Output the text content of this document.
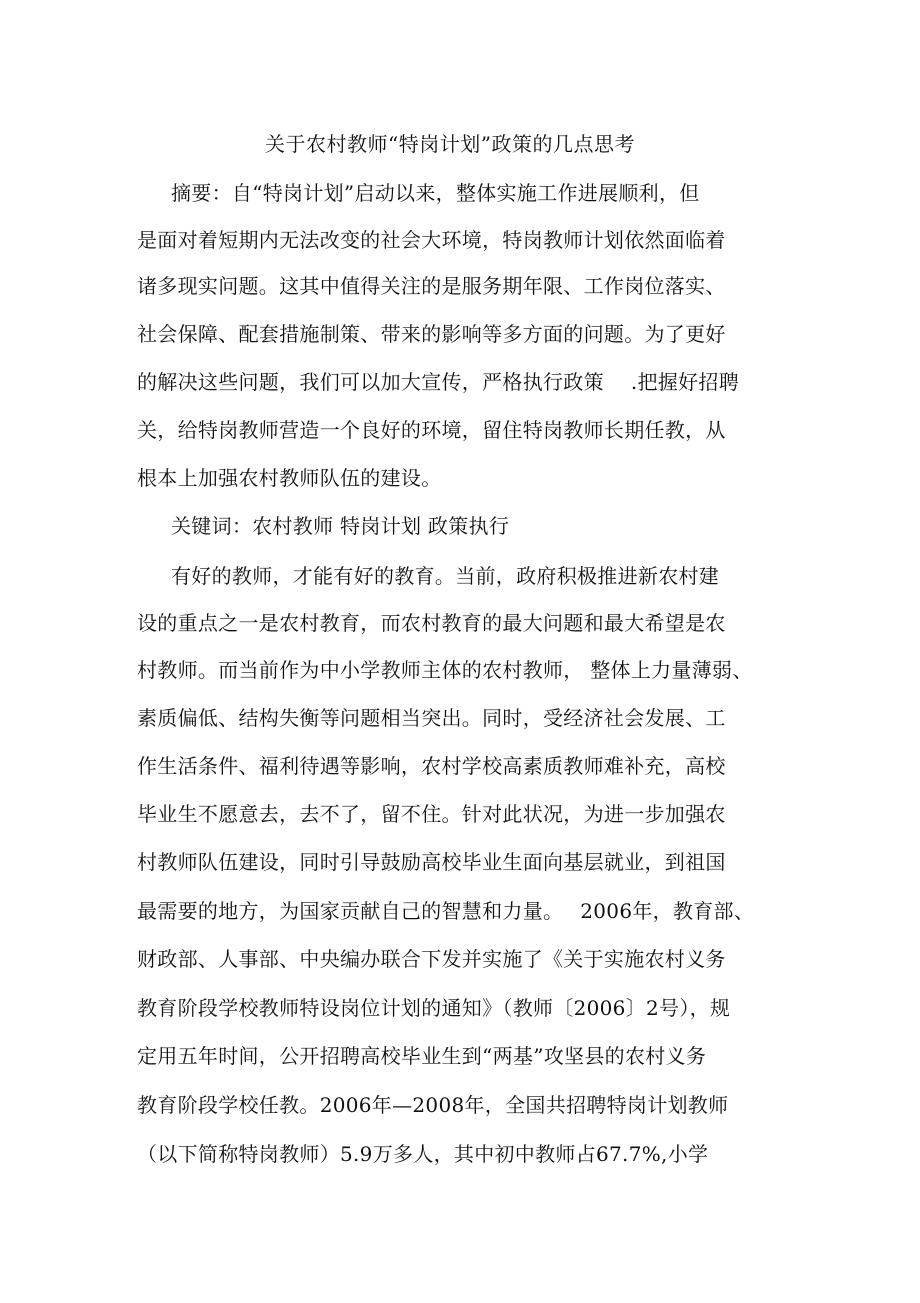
关于农村教师“特岗计划”政策的几点思考
摘要：自“特岗计划”启动以来，整体实施工作进展顺利，但
是面对着短期内无法改变的社会大环境，特岗教师计划依然面临着
诸多现实问题。这其中值得关注的是服务期年限、工作岗位落实、
社会保障、配套措施制策、带来的影响等多方面的问题。为了更好
的解决这些问题，我们可以加大宣传，严格执行政策　 .把握好招聘
关，给特岗教师营造一个良好的环境，留住特岗教师长期任教，从
根本上加强农村教师队伍的建设。
关键词：农村教师 特岗计划 政策执行
有好的教师，才能有好的教育。当前，政府积极推进新农村建
设的重点之一是农村教育，而农村教育的最大问题和最大希望是农
村教师。而当前作为中小学教师主体的农村教师， 整体上力量薄弱、
素质偏低、结构失衡等问题相当突出。同时，受经济社会发展、工
作生活条件、福利待遇等影响，农村学校高素质教师难补充，高校
毕业生不愿意去，去不了，留不住。针对此状况，为进一步加强农
村教师队伍建设，同时引导鼓励高校毕业生面向基层就业，到祖国
最需要的地方，为国家贡献自己的智慧和力量。　 2006年，教育部、
财政部、人事部、中央编办联合下发并实施了《关于实施农村义务
教育阶段学校教师特设岗位计划的通知》（教师〔2006〕2号），规
定用五年时间，公开招聘高校毕业生到“两基”攻坚县的农村义务
教育阶段学校任教。2006年—2008年，全国共招聘特岗计划教师
（以下简称特岗教师）5.9万多人，其中初中教师占67.7%,小学
